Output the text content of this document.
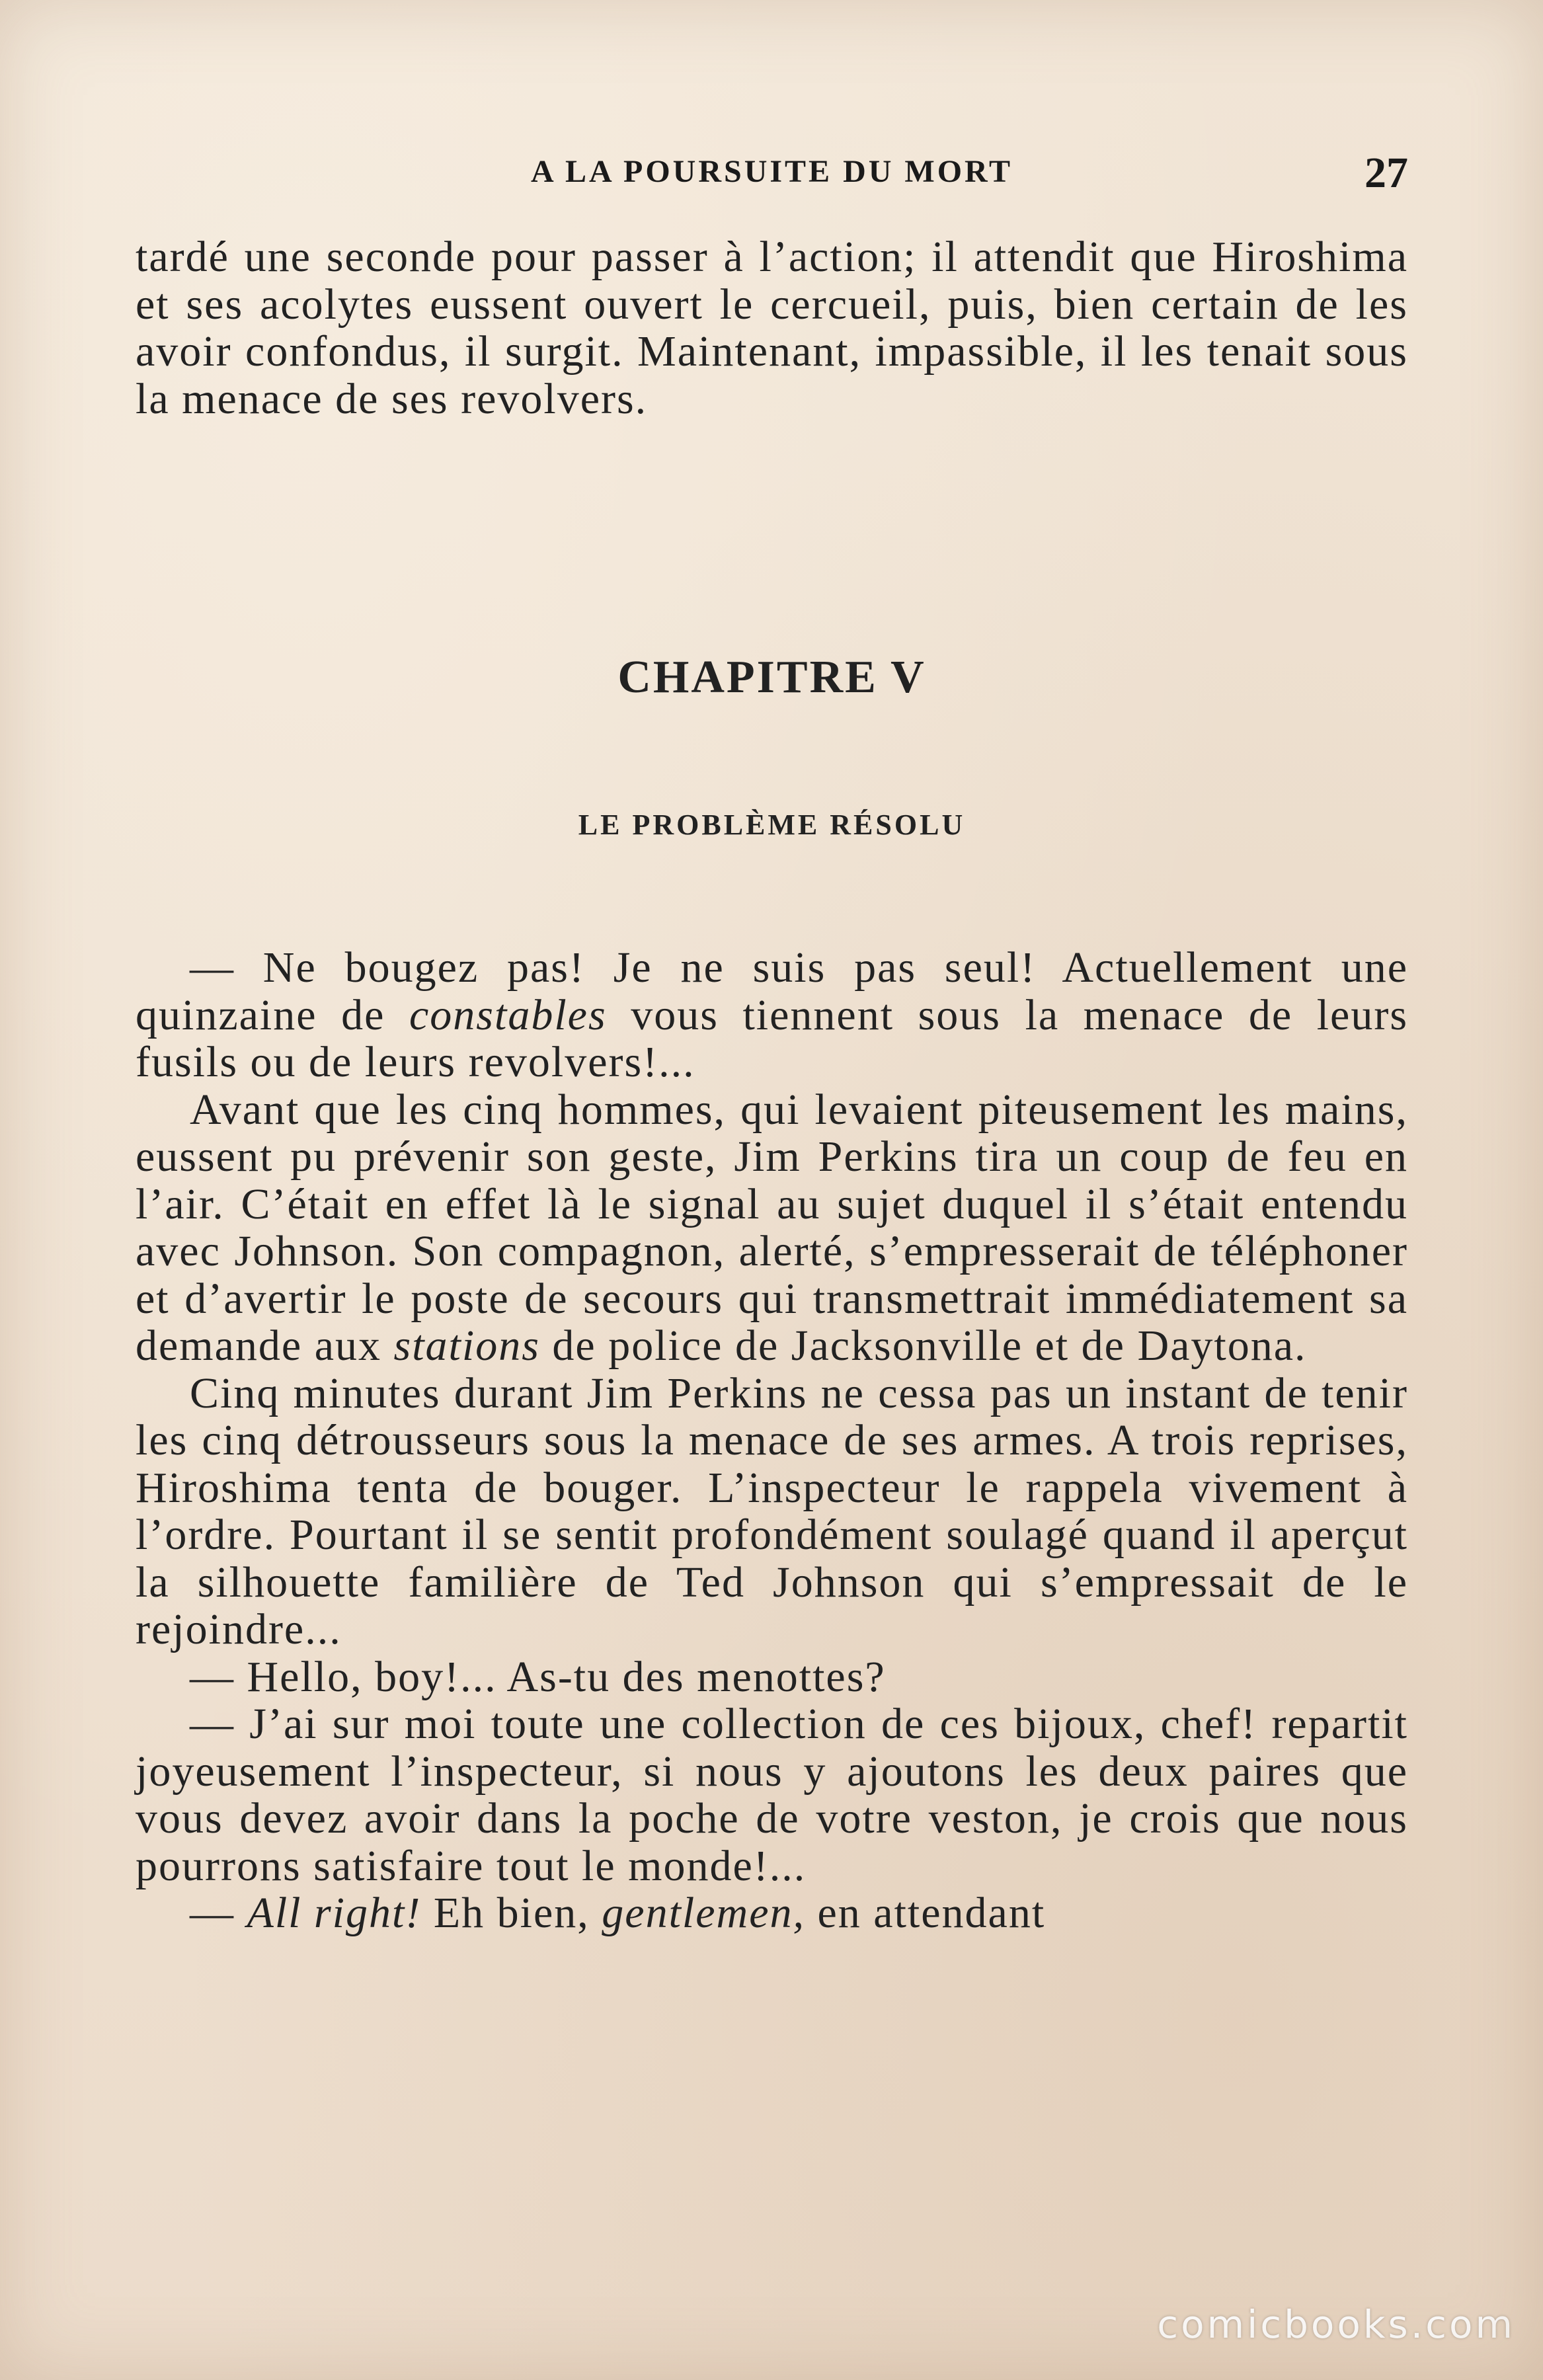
A LA POURSUITE DU MORT	27

tardé une seconde pour passer à l’action; il attendit que Hiroshima et ses acolytes eussent ouvert le cercueil, puis, bien certain de les avoir confondus, il surgit. Maintenant, impassible, il les tenait sous la menace de ses revolvers.

CHAPITRE V
LE PROBLÈME RÉSOLU

— Ne bougez pas! Je ne suis pas seul! Actuellement une quinzaine de constables vous tiennent sous la menace de leurs fusils ou de leurs revolvers!...

Avant que les cinq hommes, qui levaient piteusement les mains, eussent pu prévenir son geste, Jim Perkins tira un coup de feu en l’air. C’était en effet là le signal au sujet duquel il s’était entendu avec Johnson. Son compagnon, alerté, s’empresserait de téléphoner et d’avertir le poste de secours qui transmettrait immédiatement sa demande aux stations de police de Jacksonville et de Daytona.

Cinq minutes durant Jim Perkins ne cessa pas un instant de tenir les cinq détrousseurs sous la menace de ses armes. A trois reprises, Hiroshima tenta de bouger. L’inspecteur le rappela vivement à l’ordre. Pourtant il se sentit profondément soulagé quand il aperçut la silhouette familière de Ted Johnson qui s’empressait de le rejoindre...

— Hello, boy!... As-tu des menottes?

— J’ai sur moi toute une collection de ces bijoux, chef! repartit joyeusement l’inspecteur, si nous y ajoutons les deux paires que vous devez avoir dans la poche de votre veston, je crois que nous pourrons satisfaire tout le monde!...

— All right! Eh bien, gentlemen, en attendant

comicbooks.com
